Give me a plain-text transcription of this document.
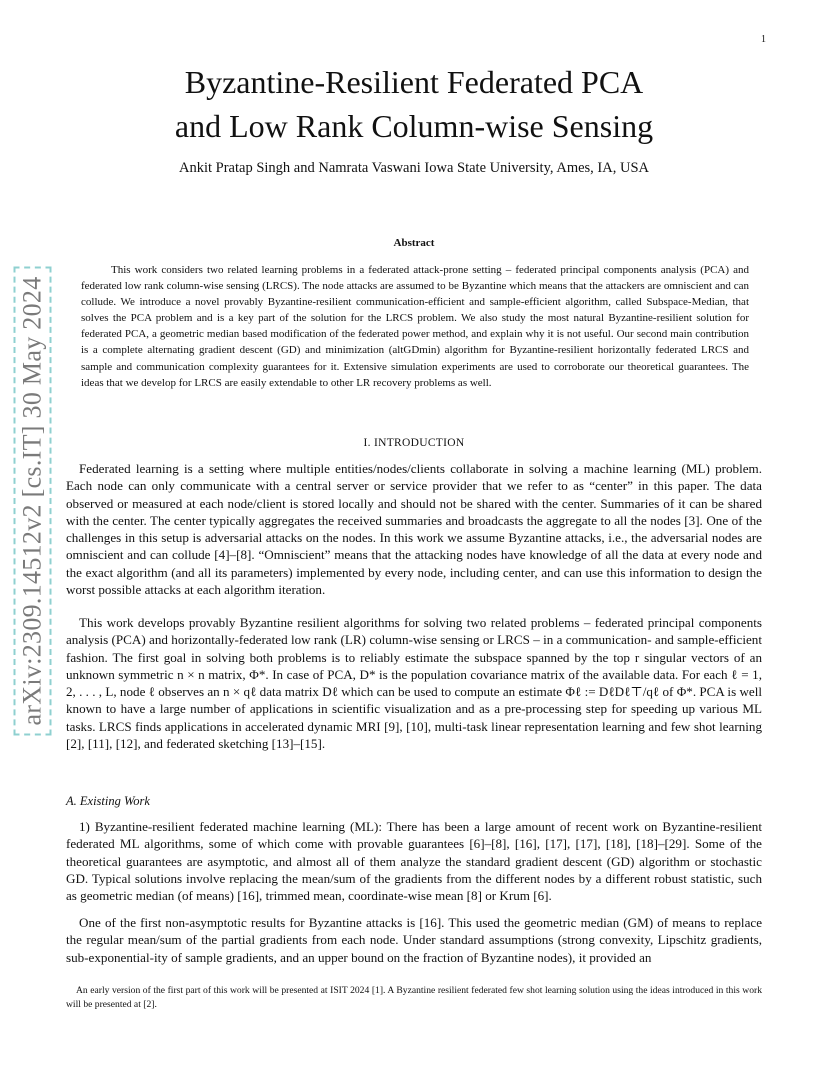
1
arXiv:2309.14512v2 [cs.IT] 30 May 2024
Byzantine-Resilient Federated PCA
and Low Rank Column-wise Sensing
Ankit Pratap Singh and Namrata Vaswani Iowa State University, Ames, IA, USA
Abstract
This work considers two related learning problems in a federated attack-prone setting – federated principal components analysis (PCA) and federated low rank column-wise sensing (LRCS). The node attacks are assumed to be Byzantine which means that the attackers are omniscient and can collude. We introduce a novel provably Byzantine-resilient communication-efficient and sample-efficient algorithm, called Subspace-Median, that solves the PCA problem and is a key part of the solution for the LRCS problem. We also study the most natural Byzantine-resilient solution for federated PCA, a geometric median based modification of the federated power method, and explain why it is not useful. Our second main contribution is a complete alternating gradient descent (GD) and minimization (altGDmin) algorithm for Byzantine-resilient horizontally federated LRCS and sample and communication complexity guarantees for it. Extensive simulation experiments are used to corroborate our theoretical guarantees. The ideas that we develop for LRCS are easily extendable to other LR recovery problems as well.
I. INTRODUCTION

Federated learning is a setting where multiple entities/nodes/clients collaborate in solving a machine learning (ML) problem. Each node can only communicate with a central server or service provider that we refer to as “center” in this paper. The data observed or measured at each node/client is stored locally and should not be shared with the center. Summaries of it can be shared with the center. The center typically aggregates the received summaries and broadcasts the aggregate to all the nodes [3]. One of the challenges in this setup is adversarial attacks on the nodes. In this work we assume Byzantine attacks, i.e., the adversarial nodes are omniscient and can collude [4]–[8]. “Omniscient” means that the attacking nodes have knowledge of all the data at every node and the exact algorithm (and all its parameters) implemented by every node, including center, and can use this information to design the worst possible attacks at each algorithm iteration.

This work develops provably Byzantine resilient algorithms for solving two related problems – federated principal components analysis (PCA) and horizontally-federated low rank (LR) column-wise sensing or LRCS – in a communication- and sample-efficient fashion. The first goal in solving both problems is to reliably estimate the subspace spanned by the top r singular vectors of an unknown symmetric n × n matrix, Φ*. In case of PCA, D* is the population covariance matrix of the available data. For each ℓ = 1, 2, . . . , L, node ℓ observes an n × qℓ data matrix Dℓ which can be used to compute an estimate Φℓ := DℓDℓ⊤/qℓ of Φ*. PCA is well known to have a large number of applications in scientific visualization and as a pre-processing step for speeding up various ML tasks. LRCS finds applications in accelerated dynamic MRI [9], [10], multi-task linear representation learning and few shot learning [2], [11], [12], and federated sketching [13]–[15].

A. Existing Work

1) Byzantine-resilient federated machine learning (ML): There has been a large amount of recent work on Byzantine-resilient federated ML algorithms, some of which come with provable guarantees [6]–[8], [16], [17], [17], [18], [18]–[29]. Some of the theoretical guarantees are asymptotic, and almost all of them analyze the standard gradient descent (GD) algorithm or stochastic GD. Typical solutions involve replacing the mean/sum of the gradients from the different nodes by a different robust statistic, such as geometric median (of means) [16], trimmed mean, coordinate-wise mean [8] or Krum [6].

One of the first non-asymptotic results for Byzantine attacks is [16]. This used the geometric median (GM) of means to replace the regular mean/sum of the partial gradients from each node. Under standard assumptions (strong convexity, Lipschitz gradients, sub-exponential-ity of sample gradients, and an upper bound on the fraction of Byzantine nodes), it provided an

An early version of the first part of this work will be presented at ISIT 2024 [1]. A Byzantine resilient federated few shot learning solution using the ideas introduced in this work will be presented at [2].
